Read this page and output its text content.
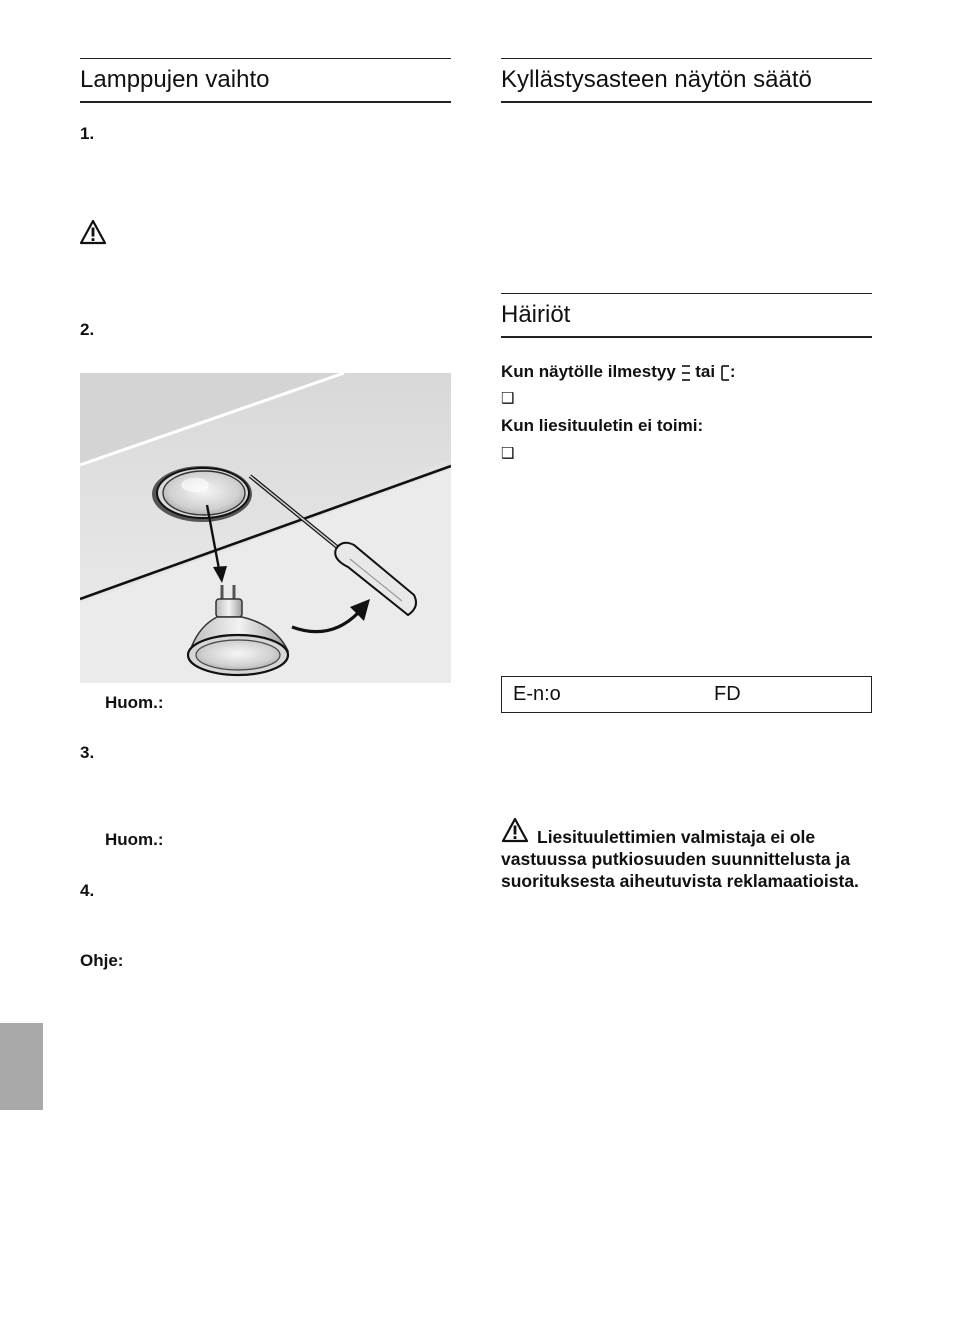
Lamppujen vaihto
1.
2.
Huom.:
3.
Huom.:
4.
Ohje:
Kyllästysasteen näytön säätö
Häiriöt
Kun näytölle ilmestyy tai :
❑
Kun liesituuletin ei toimi:
❑
E-n:o	FD
Liesituulettimien valmistaja ei ole vastuussa putkiosuuden suunnittelusta ja suorituksesta aiheutuvista reklamaatioista.
